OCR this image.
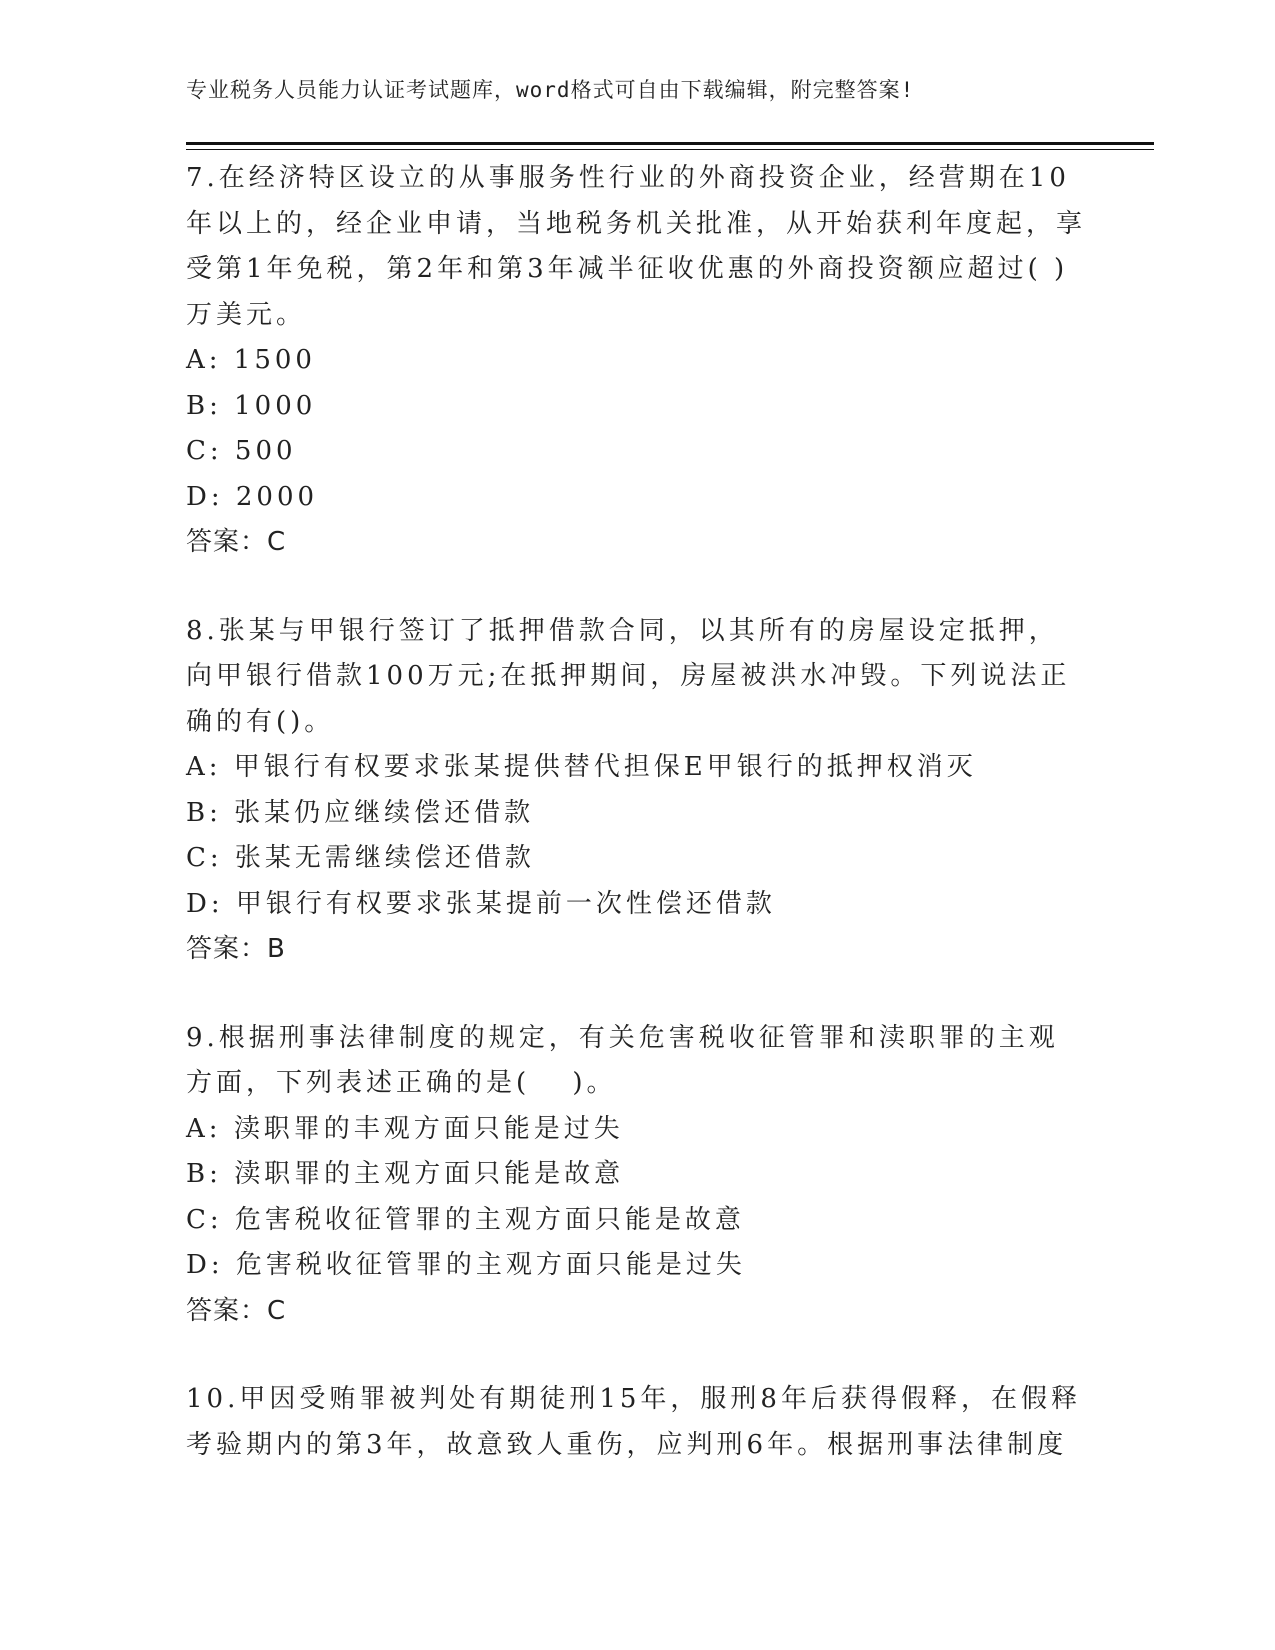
专业税务人员能力认证考试题库，word格式可自由下载编辑，附完整答案!
7.在经济特区设立的从事服务性行业的外商投资企业，经营期在10年以上的，经企业申请，当地税务机关批准，从开始获利年度起，享受第1年免税，第2年和第3年减半征收优惠的外商投资额应超过( )万美元。
A: 1500
B: 1000
C: 500
D: 2000
答案：C
8.张某与甲银行签订了抵押借款合同，以其所有的房屋设定抵押，向甲银行借款100万元;在抵押期间，房屋被洪水冲毁。下列说法正确的有()。
A: 甲银行有权要求张某提供替代担保E甲银行的抵押权消灭
B: 张某仍应继续偿还借款
C: 张某无需继续偿还借款
D: 甲银行有权要求张某提前一次性偿还借款
答案：B
9.根据刑事法律制度的规定，有关危害税收征管罪和渎职罪的主观方面，下列表述正确的是(　 )。
A: 渎职罪的丰观方面只能是过失
B: 渎职罪的主观方面只能是故意
C: 危害税收征管罪的主观方面只能是故意
D: 危害税收征管罪的主观方面只能是过失
答案：C
10.甲因受贿罪被判处有期徒刑15年，服刑8年后获得假释，在假释考验期内的第3年，故意致人重伤，应判刑6年。根据刑事法律制度
